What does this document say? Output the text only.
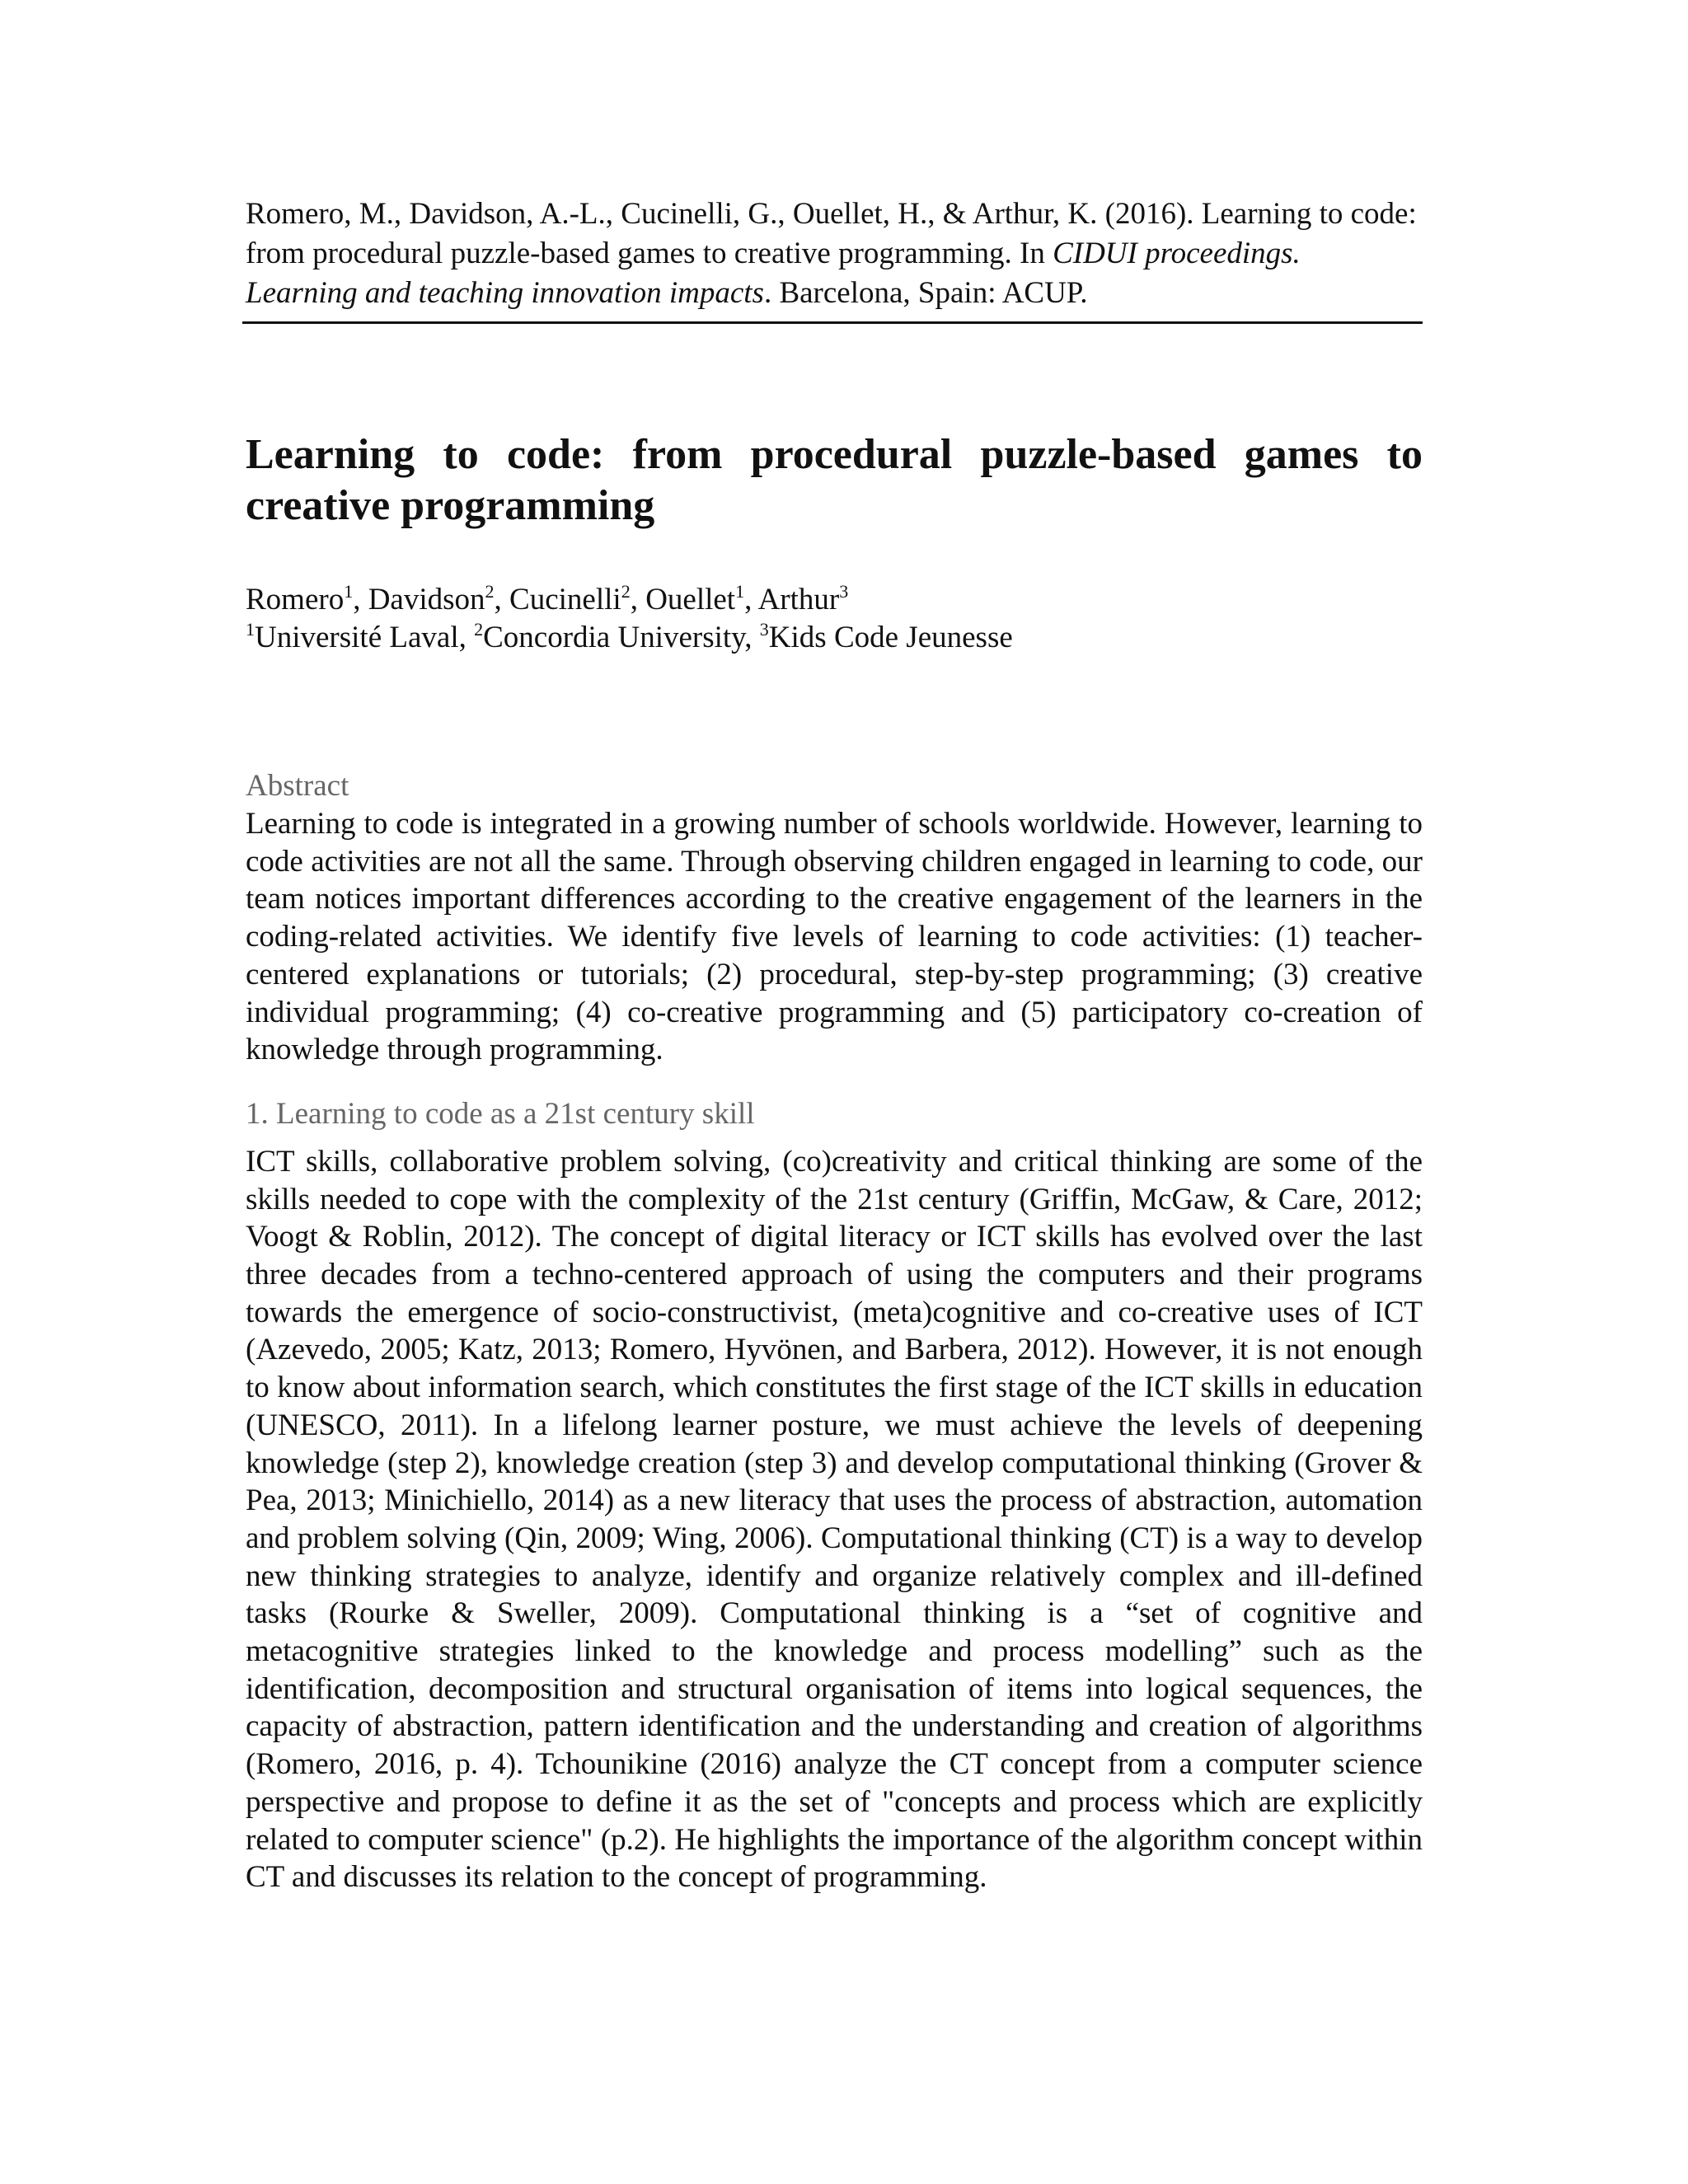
Romero, M., Davidson, A.-L., Cucinelli, G., Ouellet, H., & Arthur, K. (2016). Learning to code: from procedural puzzle-based games to creative programming. In CIDUI proceedings. Learning and teaching innovation impacts. Barcelona, Spain: ACUP.
Learning to code: from procedural puzzle-based games to
creative programming
Romero$^1$, Davidson$^2$, Cucinelli$^2$, Ouellet$^1$, Arthur$^3$
$^1$Université Laval, $^2$Concordia University, $^3$Kids Code Jeunesse
Abstract
Learning to code is integrated in a growing number of schools worldwide. However, learning to code activities are not all the same. Through observing children engaged in learning to code, our team notices important differences according to the creative engagement of the learners in the coding-related activities. We identify five levels of learning to code activities: (1) teacher-centered explanations or tutorials; (2) procedural, step-by-step programming; (3) creative individual programming; (4) co-creative programming and (5) participatory co-creation of knowledge through programming.
1. Learning to code as a 21st century skill
ICT skills, collaborative problem solving, (co)creativity and critical thinking are some of the skills needed to cope with the complexity of the 21st century (Griffin, McGaw, & Care, 2012; Voogt & Roblin, 2012). The concept of digital literacy or ICT skills has evolved over the last three decades from a techno-centered approach of using the computers and their programs towards the emergence of socio-constructivist, (meta)cognitive and co-creative uses of ICT (Azevedo, 2005; Katz, 2013; Romero, Hyvönen, and Barbera, 2012). However, it is not enough to know about information search, which constitutes the first stage of the ICT skills in education (UNESCO, 2011). In a lifelong learner posture, we must achieve the levels of deepening knowledge (step 2), knowledge creation (step 3) and develop computational thinking (Grover & Pea, 2013; Minichiello, 2014) as a new literacy that uses the process of abstraction, automation and problem solving (Qin, 2009; Wing, 2006). Computational thinking (CT) is a way to develop new thinking strategies to analyze, identify and organize relatively complex and ill-defined tasks (Rourke & Sweller, 2009). Computational thinking is a “set of cognitive and metacognitive strategies linked to the knowledge and process modelling” such as the identification, decomposition and structural organisation of items into logical sequences, the capacity of abstraction, pattern identification and the understanding and creation of algorithms (Romero, 2016, p. 4). Tchounikine (2016) analyze the CT concept from a computer science perspective and propose to define it as the set of "concepts and process which are explicitly related to computer science" (p.2). He highlights the importance of the algorithm concept within CT and discusses its relation to the concept of programming.
